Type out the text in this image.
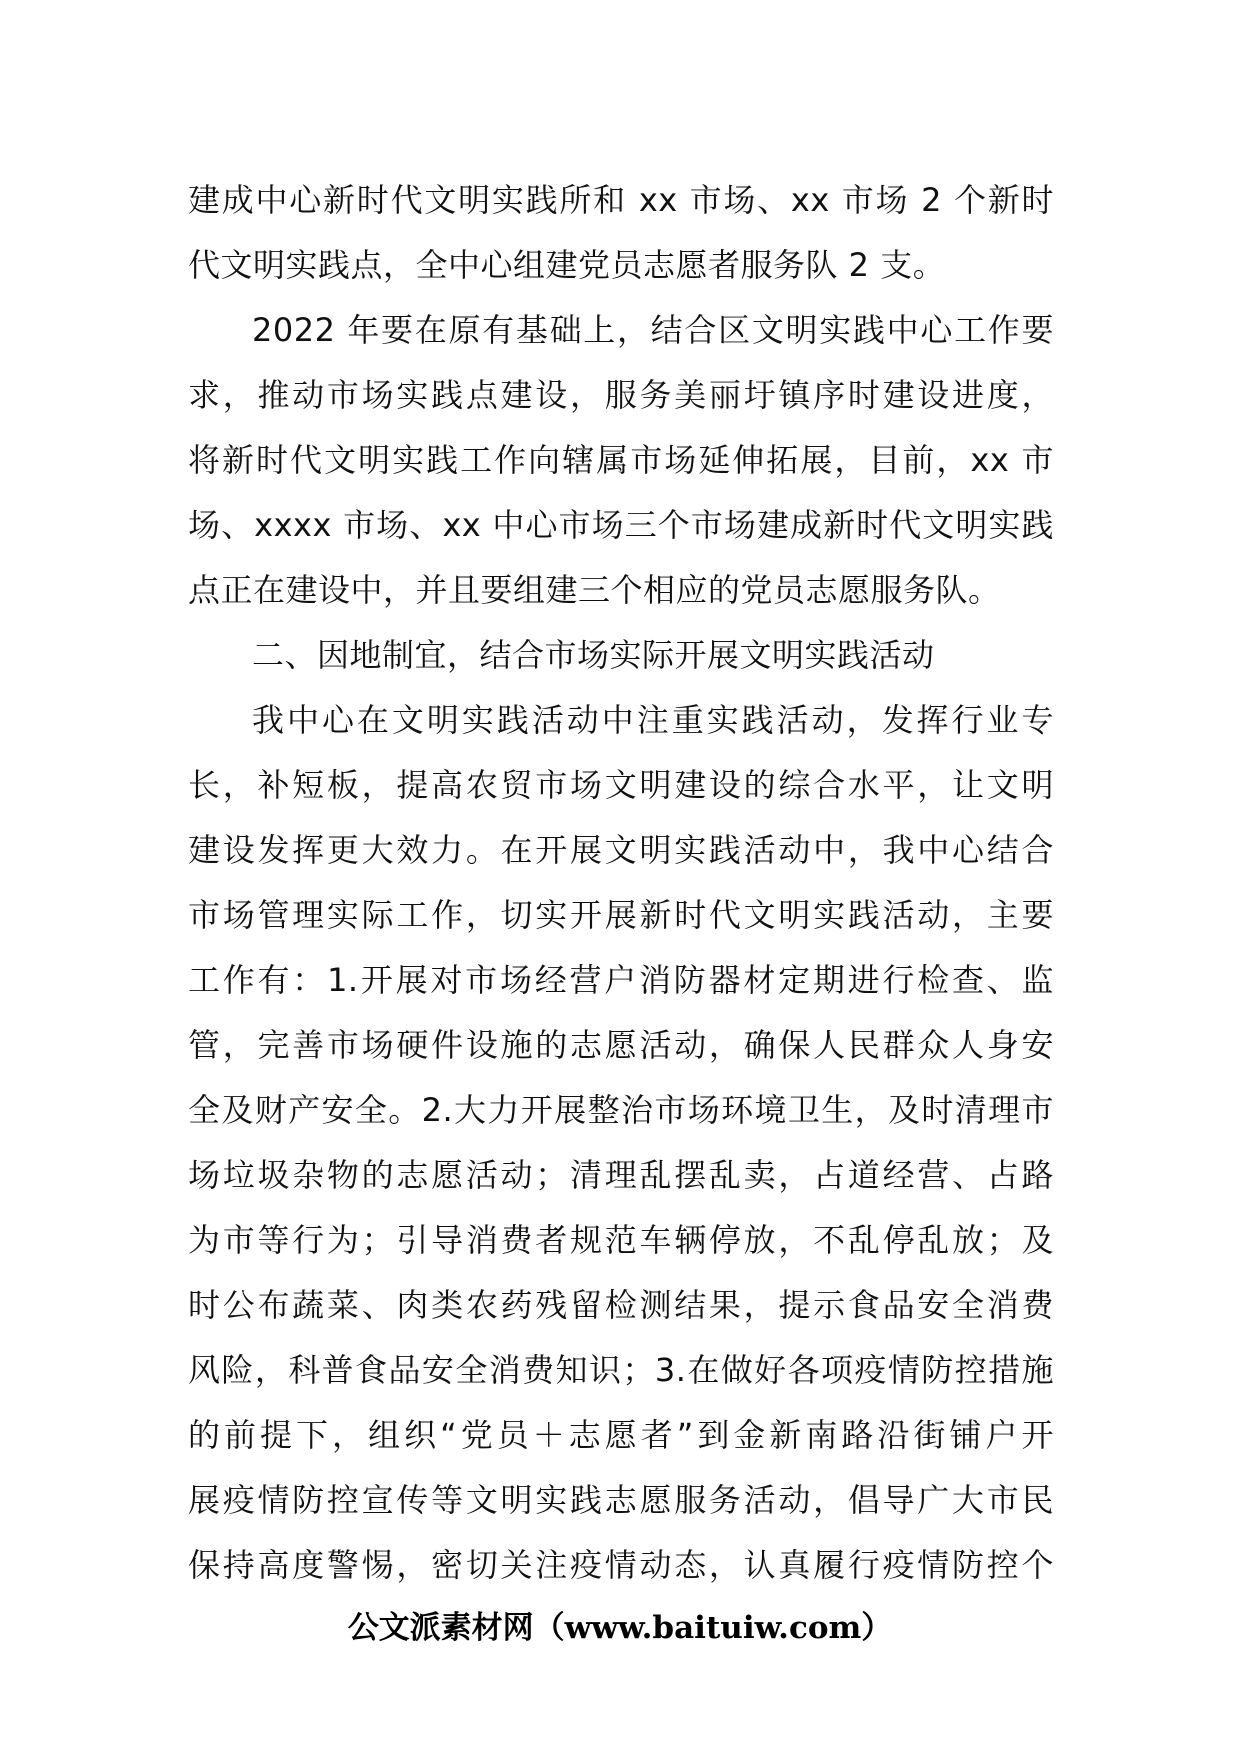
建成中心新时代文明实践所和 xx 市场、xx 市场 2 个新时
代文明实践点，全中心组建党员志愿者服务队 2 支。
2022 年要在原有基础上，结合区文明实践中心工作要
求，推动市场实践点建设，服务美丽圩镇序时建设进度，
将新时代文明实践工作向辖属市场延伸拓展，目前，xx 市
场、xxxx 市场、xx 中心市场三个市场建成新时代文明实践
点正在建设中，并且要组建三个相应的党员志愿服务队。
二、因地制宜，结合市场实际开展文明实践活动
我中心在文明实践活动中注重实践活动，发挥行业专
长，补短板，提高农贸市场文明建设的综合水平，让文明
建设发挥更大效力。在开展文明实践活动中，我中心结合
市场管理实际工作，切实开展新时代文明实践活动，主要
工作有：1.开展对市场经营户消防器材定期进行检查、监
管，完善市场硬件设施的志愿活动，确保人民群众人身安
全及财产安全。2.大力开展整治市场环境卫生，及时清理市
场垃圾杂物的志愿活动；清理乱摆乱卖，占道经营、占路
为市等行为；引导消费者规范车辆停放，不乱停乱放；及
时公布蔬菜、肉类农药残留检测结果，提示食品安全消费
风险，科普食品安全消费知识；3.在做好各项疫情防控措施
的前提下，组织“党员＋志愿者”到金新南路沿街铺户开
展疫情防控宣传等文明实践志愿服务活动，倡导广大市民
保持高度警惕，密切关注疫情动态，认真履行疫情防控个
公文派素材网（www.baituiw.com）
